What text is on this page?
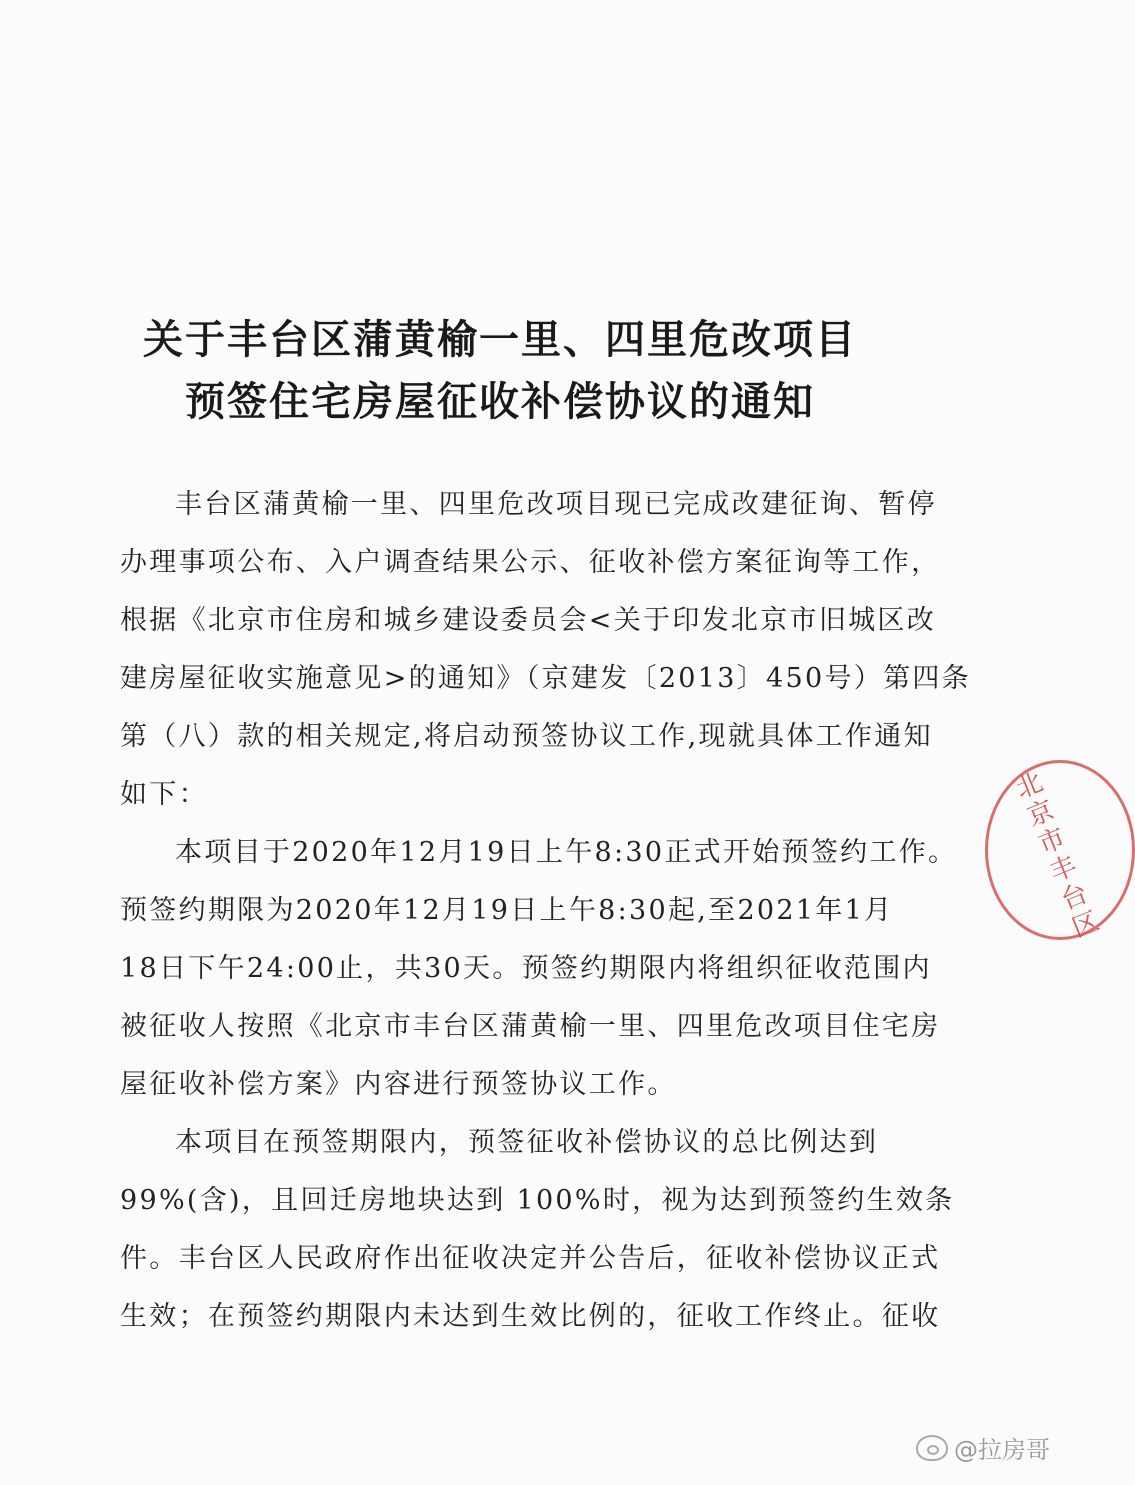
关于丰台区蒲黄榆一里、四里危改项目
预签住宅房屋征收补偿协议的通知
丰台区蒲黄榆一里、四里危改项目现已完成改建征询、暂停
办理事项公布、入户调查结果公示、征收补偿方案征询等工作，
根据《北京市住房和城乡建设委员会<关于印发北京市旧城区改
建房屋征收实施意见>的通知》（京建发〔2013〕450号）第四条
第（八）款的相关规定,将启动预签协议工作,现就具体工作通知
如下：
本项目于2020年12月19日上午8:30正式开始预签约工作。
预签约期限为2020年12月19日上午8:30起,至2021年1月
18日下午24:00止，共30天。预签约期限内将组织征收范围内
被征收人按照《北京市丰台区蒲黄榆一里、四里危改项目住宅房
屋征收补偿方案》内容进行预签协议工作。
本项目在预签期限内，预签征收补偿协议的总比例达到
99%(含)，且回迁房地块达到 100%时，视为达到预签约生效条
件。丰台区人民政府作出征收决定并公告后，征收补偿协议正式
生效；在预签约期限内未达到生效比例的，征收工作终止。征收
北京市丰台区
@拉房哥
